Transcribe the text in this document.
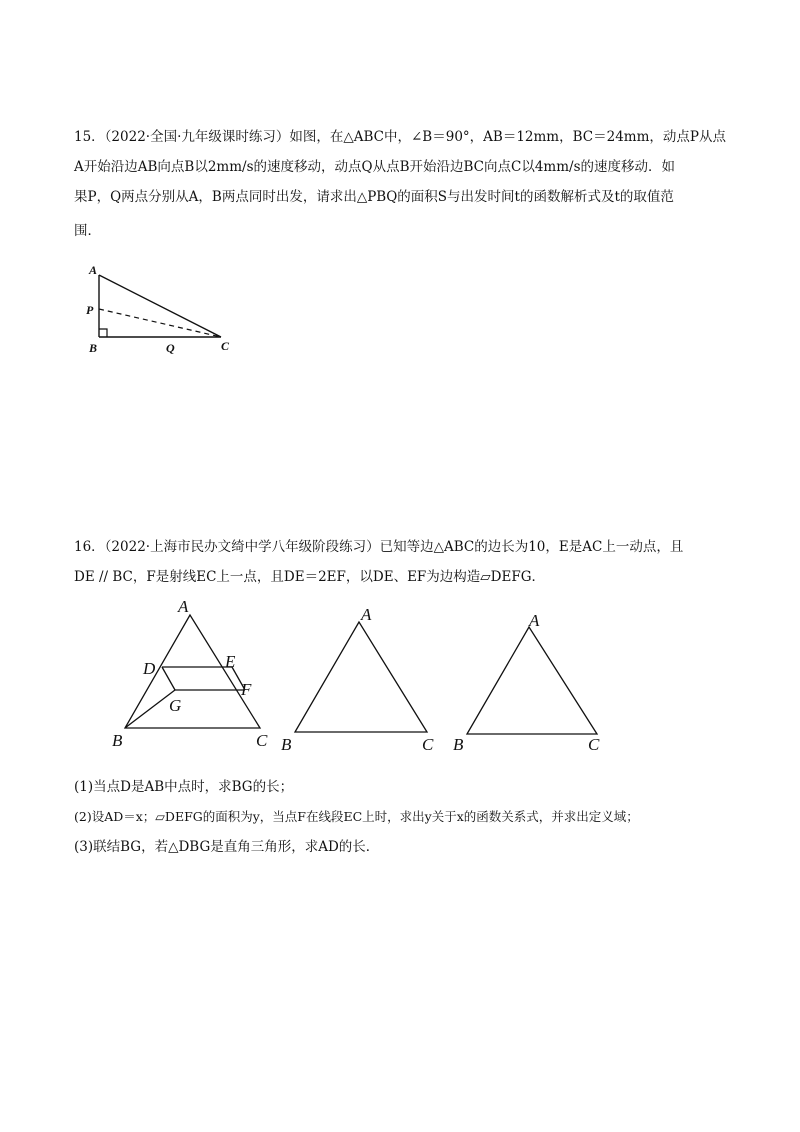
15．（2022·全国·九年级课时练习）如图，在△ABC中，∠B＝90°，AB＝12mm，BC＝24mm，动点P从点
A开始沿边AB向点B以2mm/s的速度移动，动点Q从点B开始沿边BC向点C以4mm/s的速度移动．如
果P，Q两点分别从A，B两点同时出发，请求出△PBQ的面积S与出发时间t的函数解析式及t的取值范
围．
A
P
B	Q	C
16．（2022·上海市民办文绮中学八年级阶段练习）已知等边△ABC的边长为10，E是AC上一动点，且
DE // BC，F是射线EC上一点，且DE＝2EF，以DE、EF为边构造▱DEFG．
A
D	E
F
G
B	C
A
B	C
A
B	C
(1)当点D是AB中点时，求BG的长；
(2)设AD＝x；▱DEFG的面积为y，当点F在线段EC上时，求出y关于x的函数关系式，并求出定义域；
(3)联结BG，若△DBG是直角三角形，求AD的长．
